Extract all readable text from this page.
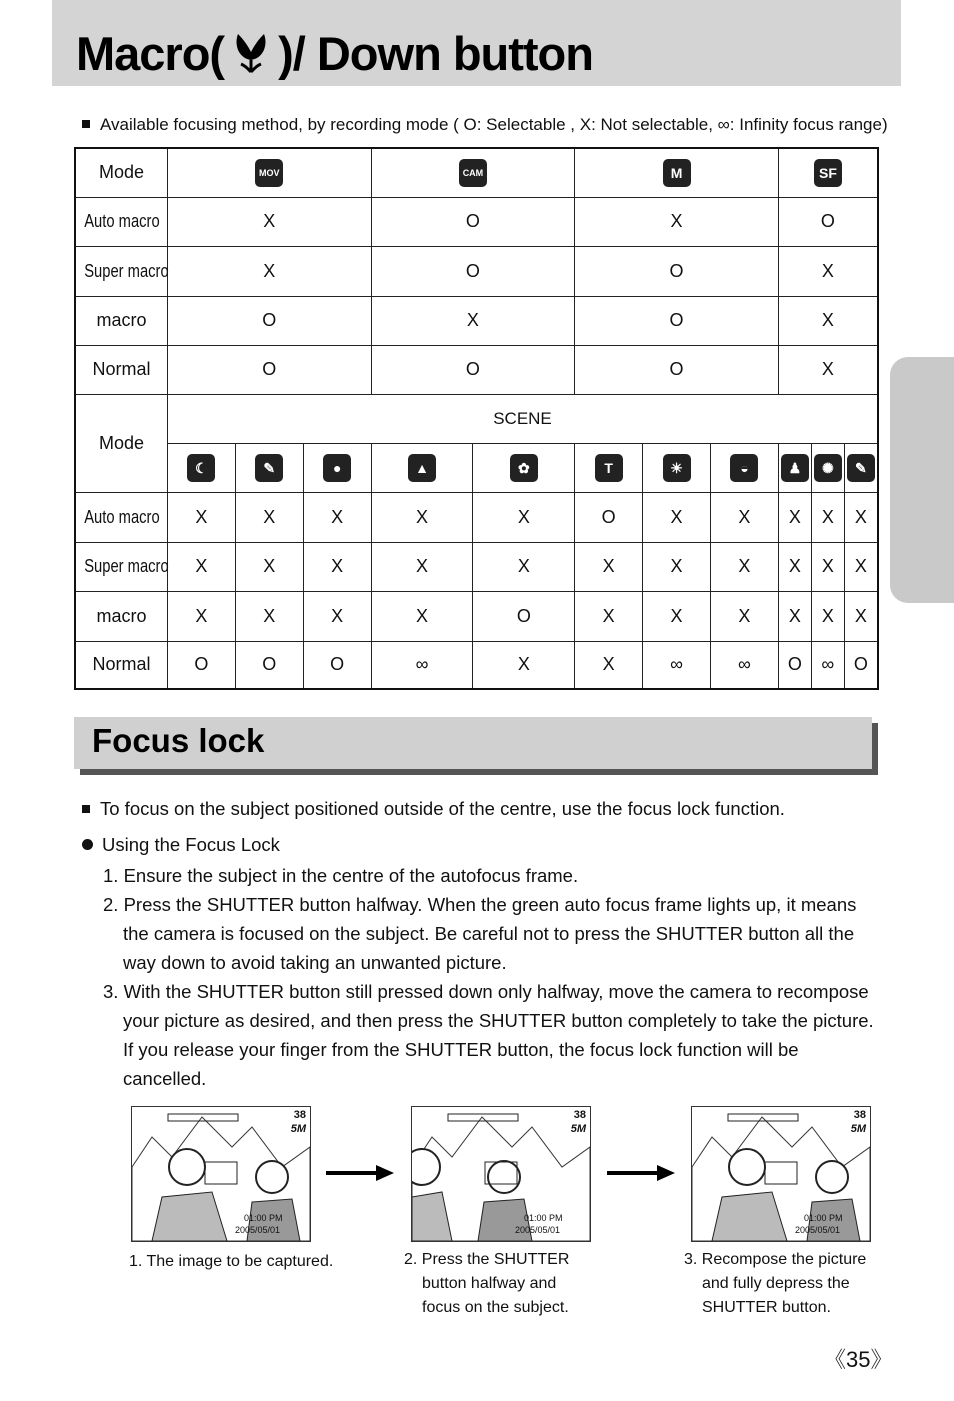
Macro( )/ Down button
Available focusing method, by recording mode ( O: Selectable , X: Not selectable, ∞: Infinity focus range)
Mode	MOV			CAM		M			SF		
Auto macro	X			O		X			O		
Super macro	X			O		O			X		
macro	O			X		O			X		
Normal	O			O		O			X		
Mode	SCENE										
	☾	✎	●	▲	✿	T	☀	◒	♟	✺	✎
Auto macro	X	X	X	X	X	O	X	X	X	X	X
Super macro	X	X	X	X	X	X	X	X	X	X	X
macro	X	X	X	X	O	X	X	X	X	X	X
Normal	O	O	O	∞	X	X	∞	∞	O	∞	O
Focus lock
To focus on the subject positioned outside of the centre, use the focus lock function.
Using the Focus Lock
1. Ensure the subject in the centre of the autofocus frame.
2. Press the SHUTTER button halfway. When the green auto focus frame lights up, it means the camera is focused on the subject. Be careful not to press the SHUTTER button all the way down to avoid taking an unwanted picture.
3. With the SHUTTER button still pressed down only halfway, move the camera to recompose your picture as desired, and then press the SHUTTER button completely to take the picture. If you release your finger from the SHUTTER button, the focus lock function will be cancelled.
38
5M
01:00 PM
2005/05/01
38
5M
01:00 PM
2005/05/01
38
5M
01:00 PM
2005/05/01
1. The image to be captured.	2. Press the SHUTTER
button halfway and
focus on the subject.
3. Recompose the picture
and fully depress the
SHUTTER button.
《35》
